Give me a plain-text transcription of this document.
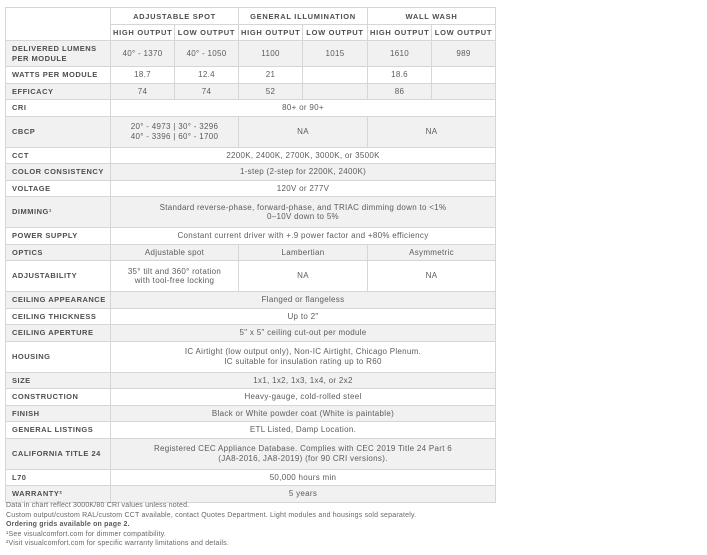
	ADJUSTABLE SPOT		GENERAL ILLUMINATION		WALL WASH	
	HIGH OUTPUT	LOW OUTPUT	HIGH OUTPUT	LOW OUTPUT	HIGH OUTPUT	LOW OUTPUT
DELIVERED LUMENS PER MODULE	40° - 1370	40° - 1050	1100	1015	1610	989

WATTS PER MODULE	18.7	12.4	21		18.6	

EFFICACY	74	74	52		86	

CRI	80+ or 90+					

CBCP	20° - 4973 | 30° - 3296
40° - 3396 | 60° - 1700		NA		NA	

CCT	2200K, 2400K, 2700K, 3000K, or 3500K					

COLOR CONSISTENCY	1-step (2-step for 2200K, 2400K)					

VOLTAGE	120V or 277V					

DIMMING¹	Standard reverse-phase, forward-phase, and TRIAC dimming down to <1%
0–10V down to 5%					

POWER SUPPLY	Constant current driver with +.9 power factor and +80% efficiency					

OPTICS	Adjustable spot		Lambertian		Asymmetric	

ADJUSTABILITY	35° tilt and 360° rotation
with tool-free locking		NA		NA	

CEILING APPEARANCE	Flanged or flangeless					

CEILING THICKNESS	Up to 2"					

CEILING APERTURE	5" x 5" ceiling cut-out per module					

HOUSING	IC Airtight (low output only), Non-IC Airtight, Chicago Plenum.
IC suitable for insulation rating up to R60					

SIZE	1x1, 1x2, 1x3, 1x4, or 2x2					

CONSTRUCTION	Heavy-gauge, cold-rolled steel					

FINISH	Black or White powder coat (White is paintable)					

GENERAL LISTINGS	ETL Listed, Damp Location.					

CALIFORNIA TITLE 24	Registered CEC Appliance Database. Complies with CEC 2019 Title 24 Part 6
(JA8-2016, JA8-2019) (for 90 CRI versions).					

L70	50,000 hours min					

WARRANTY²	5 years					
Data in chart reflect 3000K/80 CRI values unless noted.
Custom output/custom RAL/custom CCT available, contact Quotes Department. Light modules and housings sold separately.
Ordering grids available on page 2.
¹See visualcomfort.com for dimmer compatibility.
²Visit visualcomfort.com for specific warranty limitations and details.
